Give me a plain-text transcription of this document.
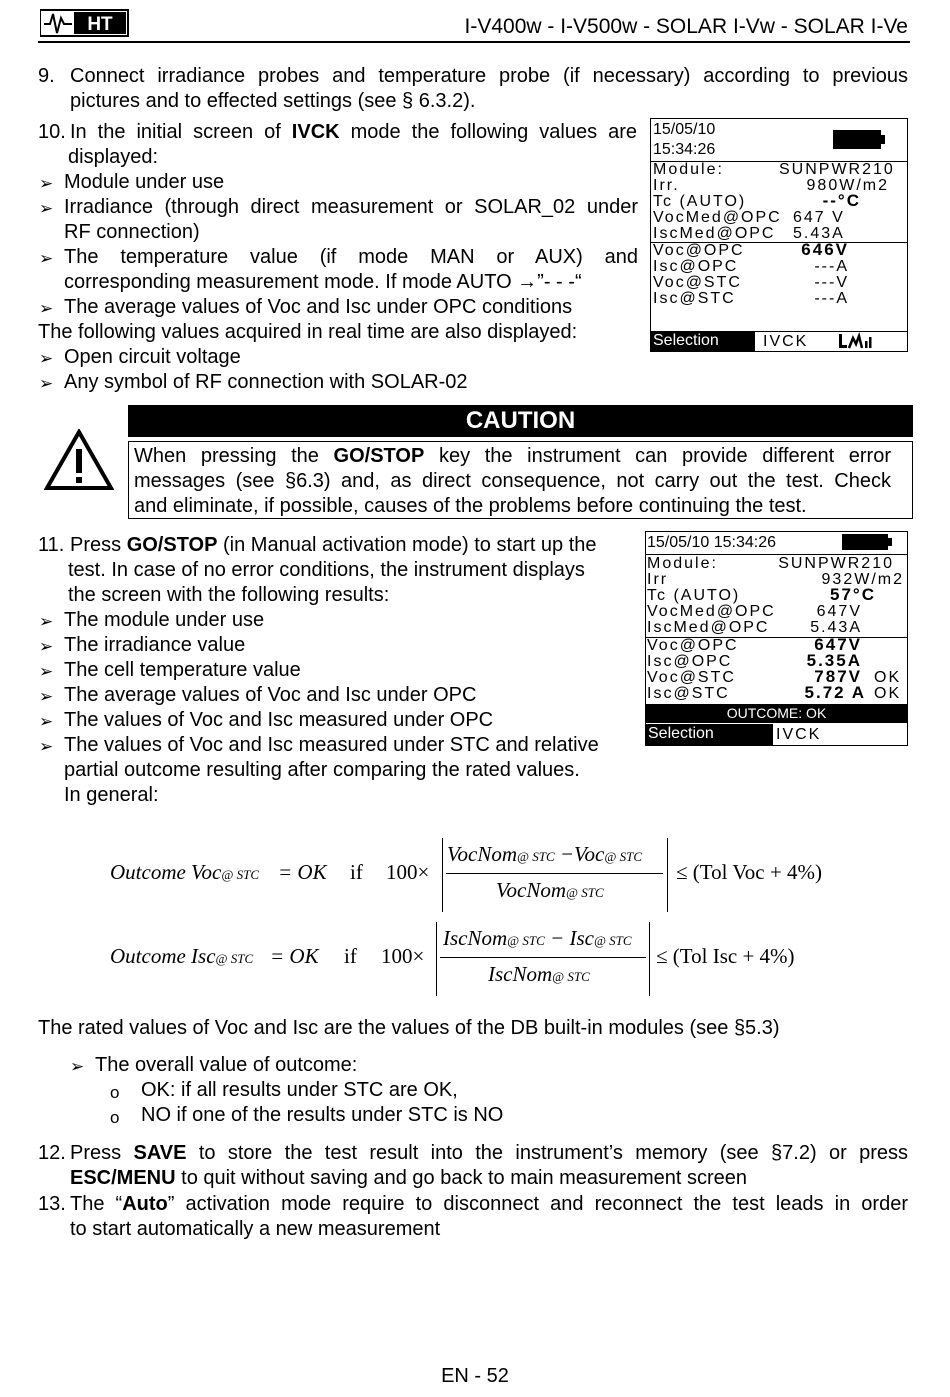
HT	I-V400w - I-V500w - SOLAR I-Vw - SOLAR I-Ve
9. Connect irradiance probes and temperature probe (if necessary) according to previous
pictures and to effected settings (see § 6.3.2).
10. In the initial screen of IVCK mode the following values are
displayed:
➢ Module under use
➢ Irradiance (through direct measurement or SOLAR_02 under
RF connection)
➢ The temperature value (if mode MAN or AUX) and
corresponding measurement mode. If mode AUTO →”- - -“
➢ The average values of Voc and Isc under OPC conditions
The following values acquired in real time are also displayed:
➢ Open circuit voltage
➢ Any symbol of RF connection with SOLAR-02
15/05/10
15:34:26
Module:	SUNPWR210
Irr.	980W/m2
Tc (AUTO)	--°C
VocMed@OPC 647 V
IscMed@OPC 5.43A
Voc@OPC	646V
Isc@OPC	---A
Voc@STC	---V
Isc@STC	---A
Selection	IVCK
CAUTION
When pressing the GO/STOP key the instrument can provide different error
messages (see §6.3) and, as direct consequence, not carry out the test. Check
and eliminate, if possible, causes of the problems before continuing the test.
11. Press GO/STOP (in Manual activation mode) to start up the
test. In case of no error conditions, the instrument displays
the screen with the following results:
➢ The module under use
➢ The irradiance value
➢ The cell temperature value
➢ The average values of Voc and Isc under OPC
➢ The values of Voc and Isc measured under OPC
➢ The values of Voc and Isc measured under STC and relative
partial outcome resulting after comparing the rated values.
In general:
15/05/10 15:34:26
Module:	SUNPWR210
Irr	932W/m2
Tc (AUTO)	57°C
VocMed@OPC	647V
IscMed@OPC	5.43A
Voc@OPC	647V
Isc@OPC	5.35A
Voc@STC	787V OK
Isc@STC	5.72 A OK
OUTCOME: OK
Selection	IVCK
Outcome Voc@ STC = OK if 100×
VocNom@ STC −Voc@ STC
VocNom@ STC
≤ (Tol Voc + 4%)
Outcome Isc@ STC = OK if 100×
IscNom@ STC − Isc@ STC
IscNom@ STC
≤ (Tol Isc + 4%)
The rated values of Voc and Isc are the values of the DB built-in modules (see §5.3)
➢ The overall value of outcome:
o OK: if all results under STC are OK,
o NO if one of the results under STC is NO
12. Press SAVE to store the test result into the instrument’s memory (see §7.2) or press
ESC/MENU to quit without saving and go back to main measurement screen
13. The “Auto” activation mode require to disconnect and reconnect the test leads in order
to start automatically a new measurement
EN - 52
